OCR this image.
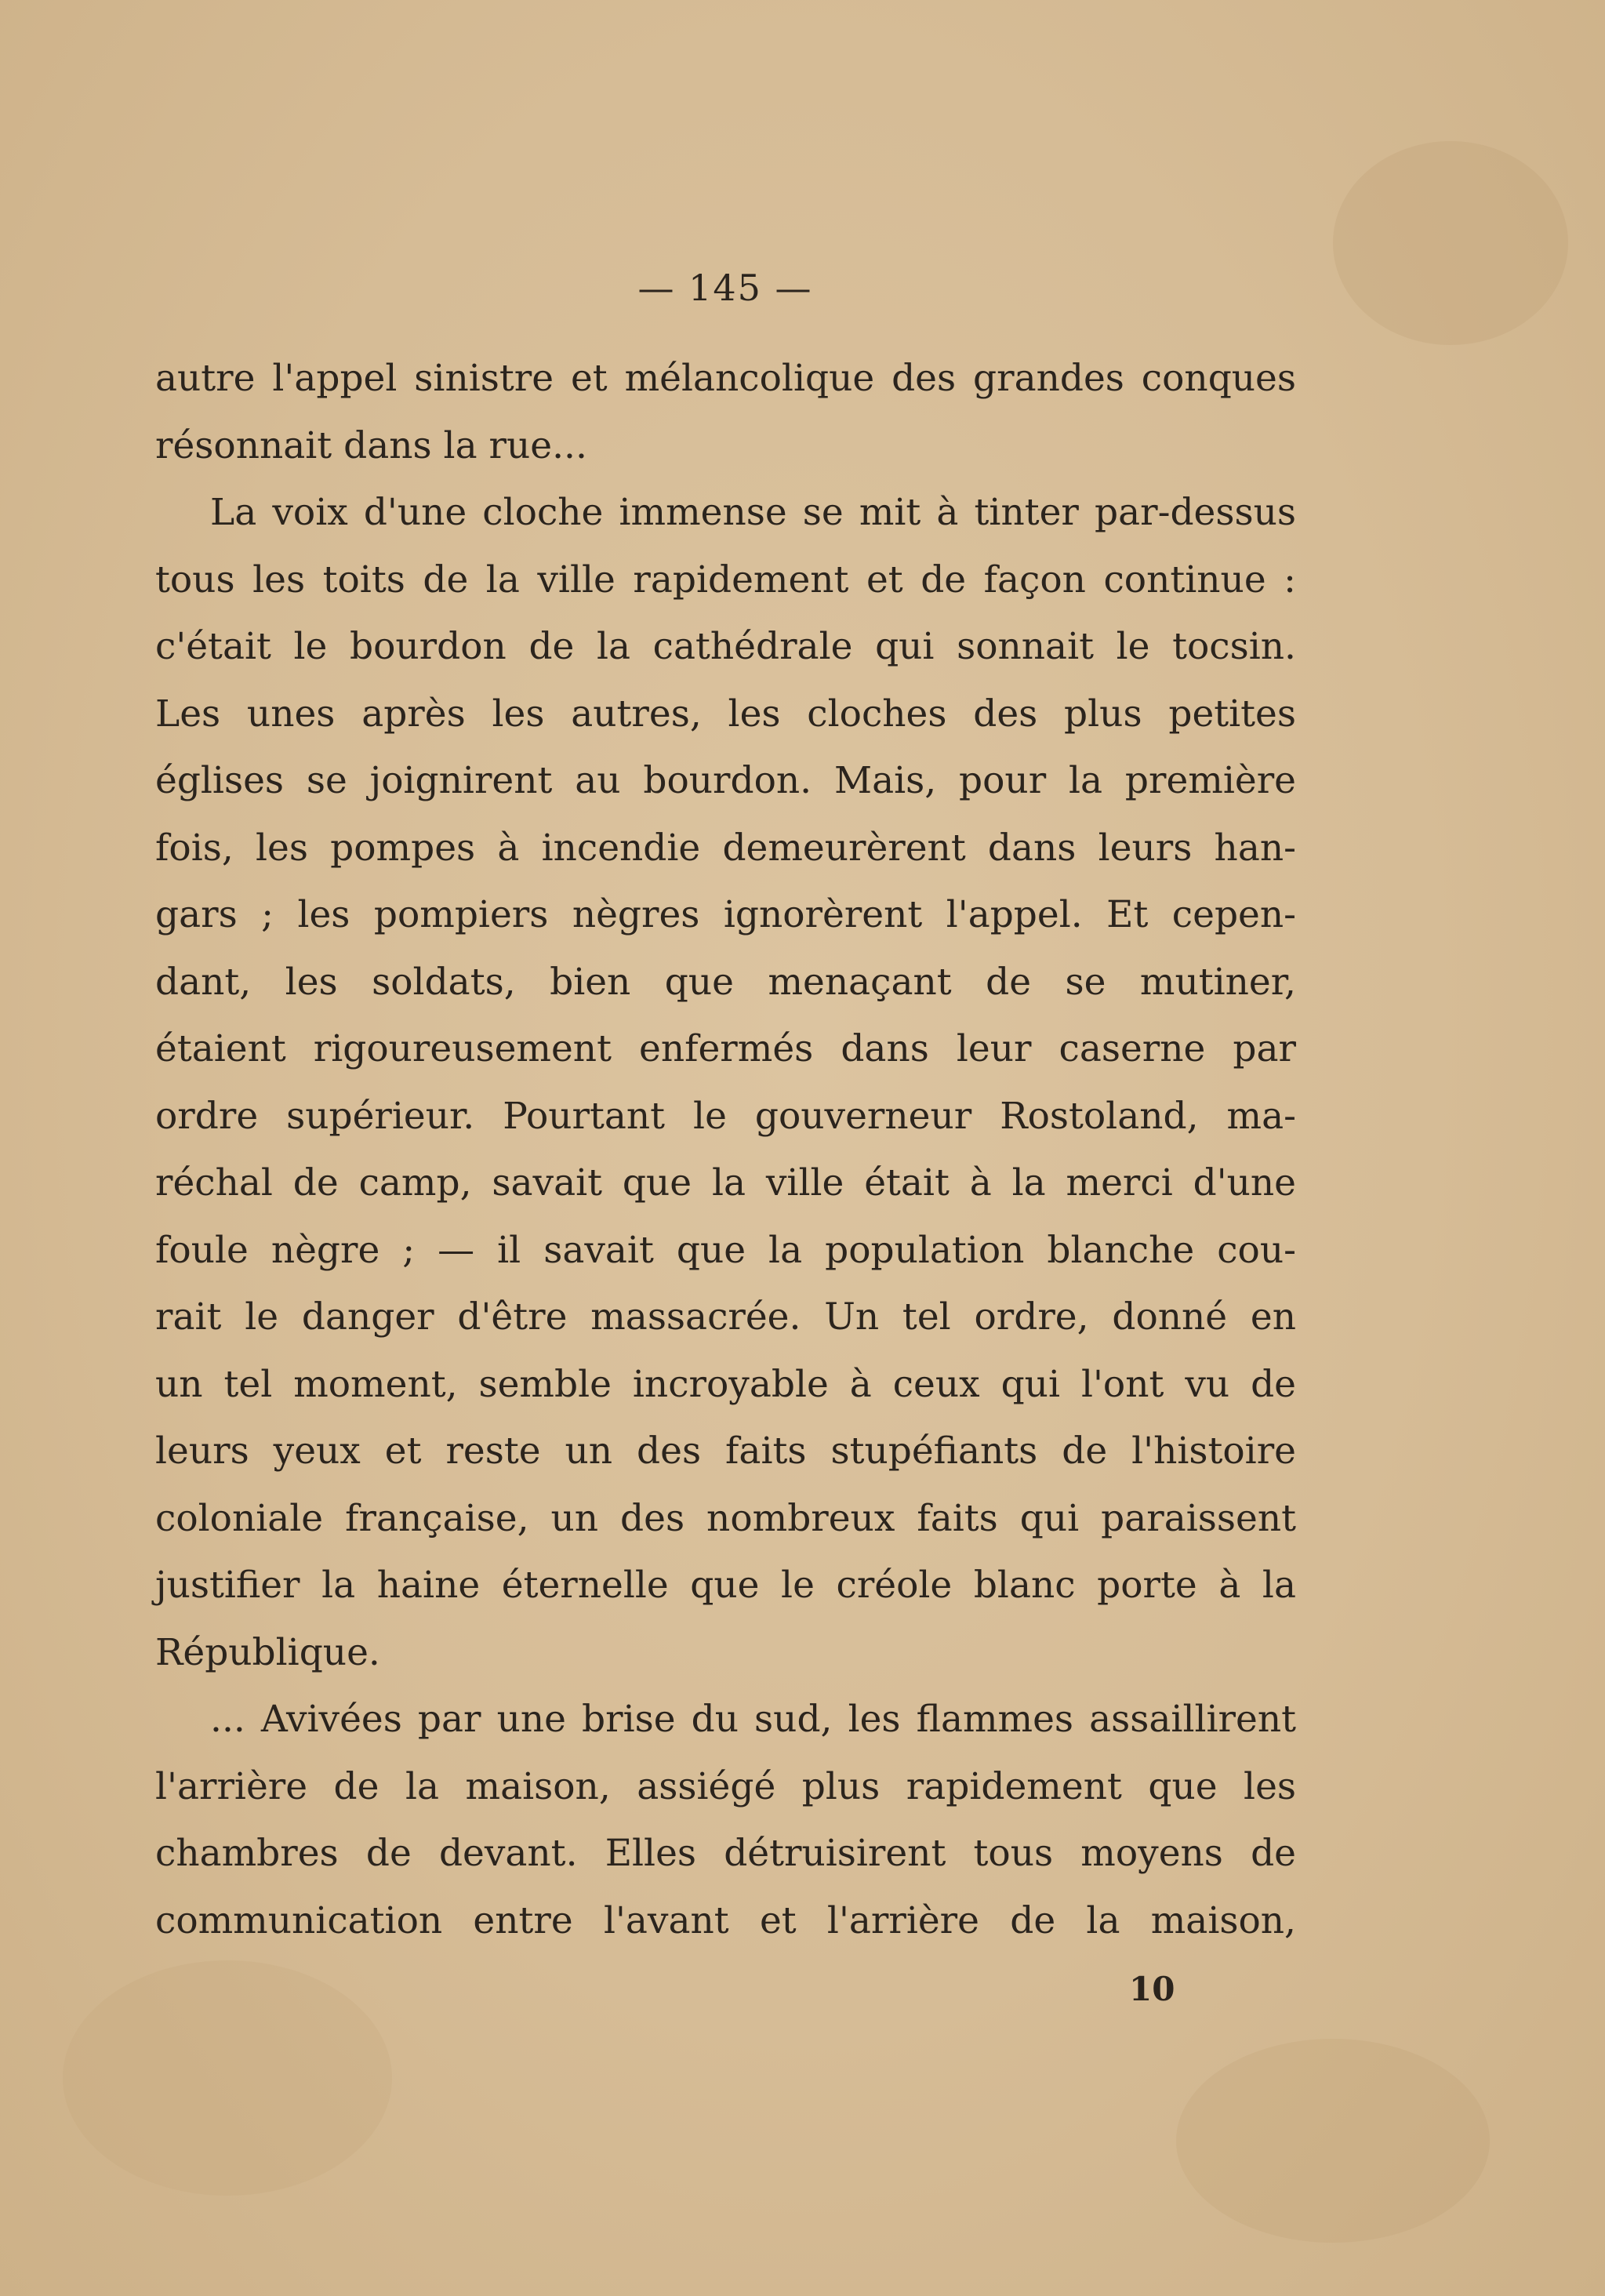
— 145 —
autre l'appel sinistre et mélancolique des grandes conques
résonnait dans la rue...
La voix d'une cloche immense se mit à tinter par-dessus
tous les toits de la ville rapidement et de façon continue :
c'était le bourdon de la cathédrale qui sonnait le tocsin.
Les unes après les autres, les cloches des plus petites
églises se joignirent au bourdon. Mais, pour la première
fois, les pompes à incendie demeurèrent dans leurs han-
gars ; les pompiers nègres ignorèrent l'appel. Et cepen-
dant, les soldats, bien que menaçant de se mutiner,
étaient rigoureusement enfermés dans leur caserne par
ordre supérieur. Pourtant le gouverneur Rostoland, ma-
réchal de camp, savait que la ville était à la merci d'une
foule nègre ; — il savait que la population blanche cou-
rait le danger d'être massacrée. Un tel ordre, donné en
un tel moment, semble incroyable à ceux qui l'ont vu de
leurs yeux et reste un des faits stupéfiants de l'histoire
coloniale française, un des nombreux faits qui paraissent
justifier la haine éternelle que le créole blanc porte à la
République.
... Avivées par une brise du sud, les flammes assaillirent
l'arrière de la maison, assiégé plus rapidement que les
chambres de devant. Elles détruisirent tous moyens de
communication entre l'avant et l'arrière de la maison,
10
